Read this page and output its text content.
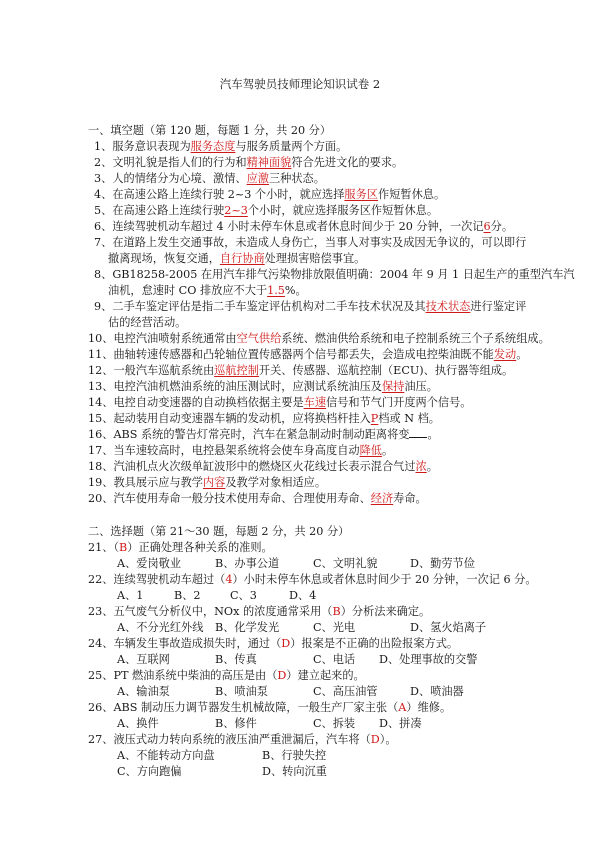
汽车驾驶员技师理论知识试卷 2
一、填空题（第 120 题，每题 1 分，共 20 分）
1、服务意识表现为服务态度与服务质量两个方面。
2、文明礼貌是指人们的行为和精神面貌符合先进文化的要求。
3、人的情绪分为心境、激情、应激三种状态。
4、在高速公路上连续行驶 2~3 个小时，就应选择服务区作短暂休息。
5、在高速公路上连续行驶2~3个小时，就应选择服务区作短暂休息。
6、连续驾驶机动车超过 4 小时未停车休息或者休息时间少于 20 分钟，一次记6分。
7、在道路上发生交通事故，未造成人身伤亡，当事人对事实及成因无争议的，可以即行
撤离现场，恢复交通，自行协商处理损害赔偿事宜。
8、GB18258-2005 在用汽车排气污染物排放限值明确：2004 年 9 月 1 日起生产的重型汽车汽
油机，怠速时 CO 排放应不大于1.5%。
9、二手车鉴定评估是指二手车鉴定评估机构对二手车技术状况及其技术状态进行鉴定评
估的经营活动。
10、电控汽油喷射系统通常由空气供给系统、燃油供给系统和电子控制系统三个子系统组成。
11、曲轴转速传感器和凸轮轴位置传感器两个信号都丢失，会造成电控柴油既不能发动。
12、一般汽车巡航系统由巡航控制开关、传感器、巡航控制（ECU)、执行器等组成。
13、电控汽油机燃油系统的油压测试时，应测试系统油压及保持油压。
14、电控自动变速器的自动换档依据主要是车速信号和节气门开度两个信号。
15、起动装用自动变速器车辆的发动机，应将换档杆挂入P档或 N 档。
16、ABS 系统的警告灯常亮时，汽车在紧急制动时制动距离将变 。
17、当车速较高时，电控悬架系统将会使车身高度自动降低。
18、汽油机点火次级单缸波形中的燃烧区火花线过长表示混合气过浓。
19、教具展示应与教学内容及教学对象相适应。
20、汽车使用寿命一般分技术使用寿命、合理使用寿命、经济寿命。
二、选择题（第 21～30 题，每题 2 分，共 20 分）
21、（B）正确处理各种关系的准则。
A、爱岗敬业	B、办事公道	C、文明礼貌	D、勤劳节俭
22、连续驾驶机动车超过（4）小时未停车休息或者休息时间少于 20 分钟，一次记 6 分。
A、1	B、2	C、3	D、4
23、五气废气分析仪中，NOx 的浓度通常采用（B）分析法来确定。
A、不分光红外线 B、化学发光	C、光电	D、氢火焰离子
24、车辆发生事故造成损失时，通过（D）报案是不正确的出险报案方式。
A、互联网	B、传真	C、电话 D、处理事故的交警
25、PT 燃油系统中柴油的高压是由（D）建立起来的。
A、输油泵	B、喷油泵	C、高压油管	D、喷油器
26、ABS 制动压力调节器发生机械故障，一般生产厂家主张（A）维修。
A、换件	B、修件	C、拆装 D、拼凑
27、液压式动力转向系统的液压油严重泄漏后，汽车将（D）。
A、不能转动方向盘	B、行驶失控
C、方向跑偏	D、转向沉重
